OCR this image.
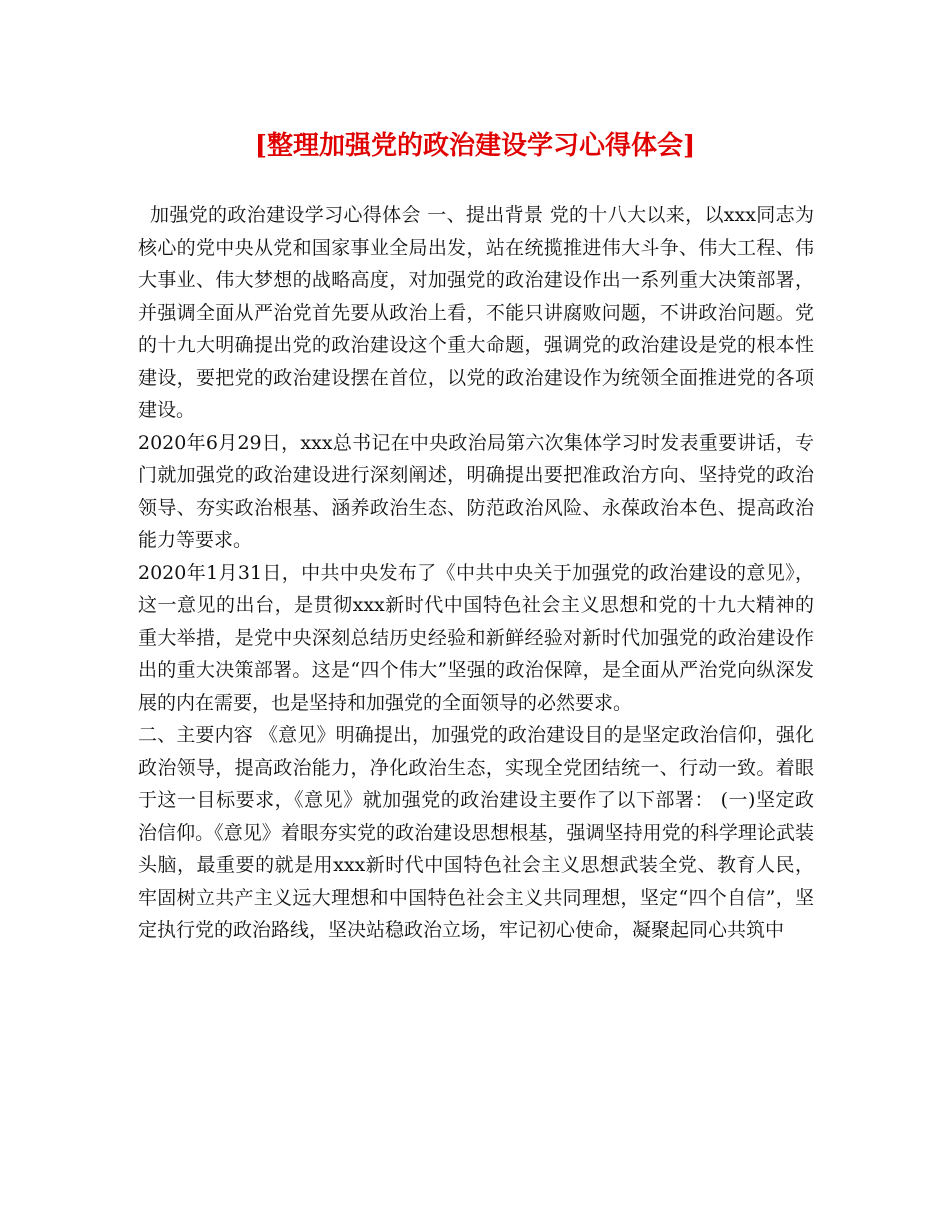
[整理加强党的政治建设学习心得体会]

加强党的政治建设学习心得体会 一、提出背景 党的十八大以来，以xxx同志为核心的党中央从党和国家事业全局出发，站在统揽推进伟大斗争、伟大工程、伟大事业、伟大梦想的战略高度，对加强党的政治建设作出一系列重大决策部署，并强调全面从严治党首先要从政治上看，不能只讲腐败问题，不讲政治问题。党的十九大明确提出党的政治建设这个重大命题，强调党的政治建设是党的根本性建设，要把党的政治建设摆在首位，以党的政治建设作为统领全面推进党的各项建设。

2020年6月29日，xxx总书记在中央政治局第六次集体学习时发表重要讲话，专门就加强党的政治建设进行深刻阐述，明确提出要把准政治方向、坚持党的政治领导、夯实政治根基、涵养政治生态、防范政治风险、永葆政治本色、提高政治能力等要求。

2020年1月31日，中共中央发布了《中共中央关于加强党的政治建设的意见》，这一意见的出台，是贯彻xxx新时代中国特色社会主义思想和党的十九大精神的重大举措，是党中央深刻总结历史经验和新鲜经验对新时代加强党的政治建设作出的重大决策部署。这是“四个伟大”坚强的政治保障，是全面从严治党向纵深发展的内在需要，也是坚持和加强党的全面领导的必然要求。

二、主要内容 《意见》明确提出，加强党的政治建设目的是坚定政治信仰，强化政治领导，提高政治能力，净化政治生态，实现全党团结统一、行动一致。着眼于这一目标要求，《意见》就加强党的政治建设主要作了以下部署： (一)坚定政治信仰。《意见》着眼夯实党的政治建设思想根基，强调坚持用党的科学理论武装头脑，最重要的就是用xxx新时代中国特色社会主义思想武装全党、教育人民，牢固树立共产主义远大理想和中国特色社会主义共同理想，坚定“四个自信”，坚定执行党的政治路线，坚决站稳政治立场，牢记初心使命，凝聚起同心共筑中
